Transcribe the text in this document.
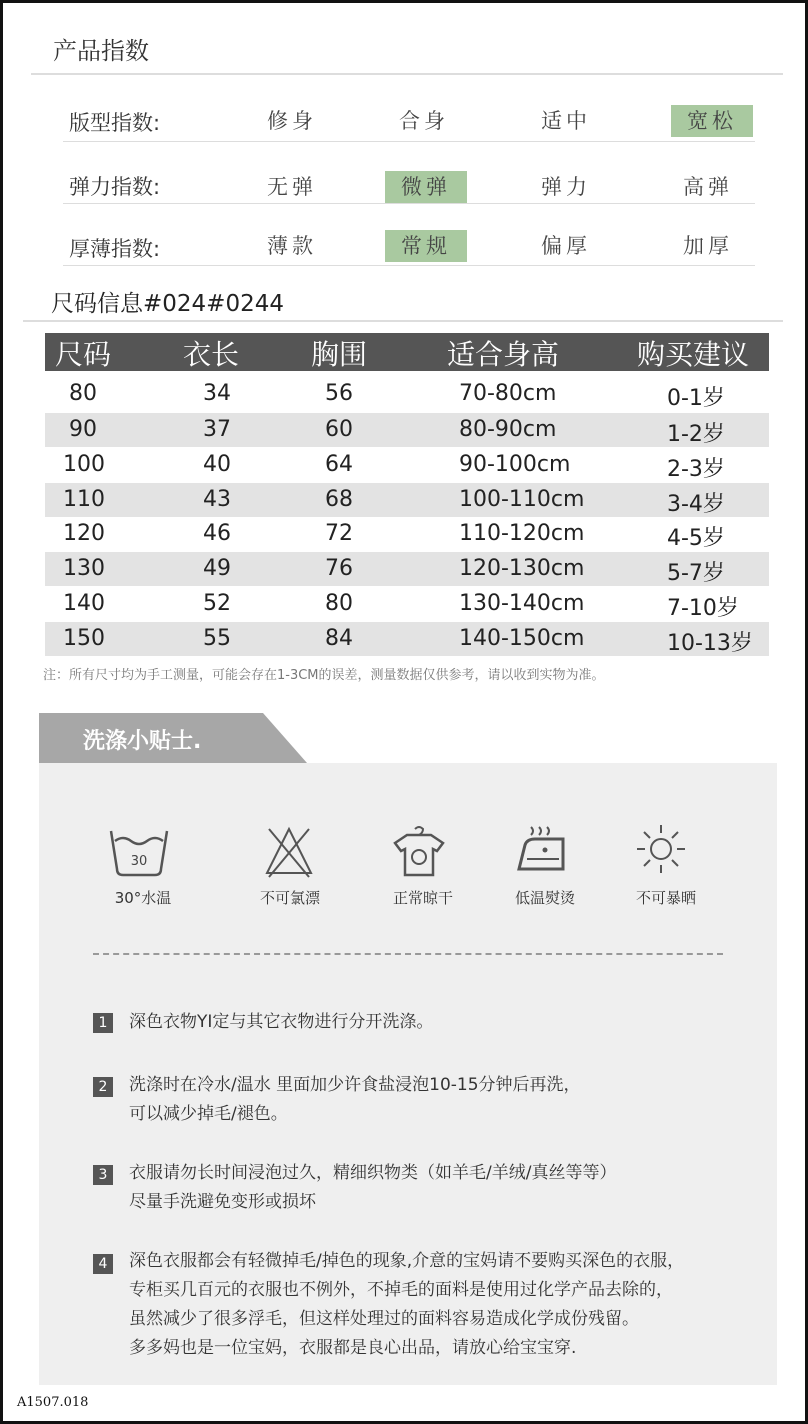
产品指数
版型指数:	修身	合身	适中	宽松
弹力指数:	无弹	微弹	弹力	高弹
厚薄指数:	薄款	常规	偏厚	加厚
尺码信息#024#0244
尺码	衣长	胸围	适合身高	购买建议
80	34	56	70-80cm	0-1岁
90	37	60	80-90cm	1-2岁
100	40	64	90-100cm	2-3岁
110	43	68	100-110cm	3-4岁
120	46	72	110-120cm	4-5岁
130	49	76	120-130cm	5-7岁
140	52	80	130-140cm	7-10岁
150	55	84	140-150cm	10-13岁
注：所有尺寸均为手工测量，可能会存在1-3CM的误差，测量数据仅供参考，请以收到实物为准。
洗涤小贴士.
30
30°水温	不可氯漂	正常晾干	低温熨烫	不可暴晒
1	深色衣物YI定与其它衣物进行分开洗涤。
2	洗涤时在冷水/温水 里面加少许食盐浸泡10-15分钟后再洗，
可以减少掉毛/褪色。
3	衣服请勿长时间浸泡过久，精细织物类（如羊毛/羊绒/真丝等等）
尽量手洗避免变形或损坏
4	深色衣服都会有轻微掉毛/掉色的现象,介意的宝妈请不要购买深色的衣服，
专柜买几百元的衣服也不例外，不掉毛的面料是使用过化学产品去除的，
虽然减少了很多浮毛，但这样处理过的面料容易造成化学成份残留。
多多妈也是一位宝妈，衣服都是良心出品，请放心给宝宝穿.
A1507.018
